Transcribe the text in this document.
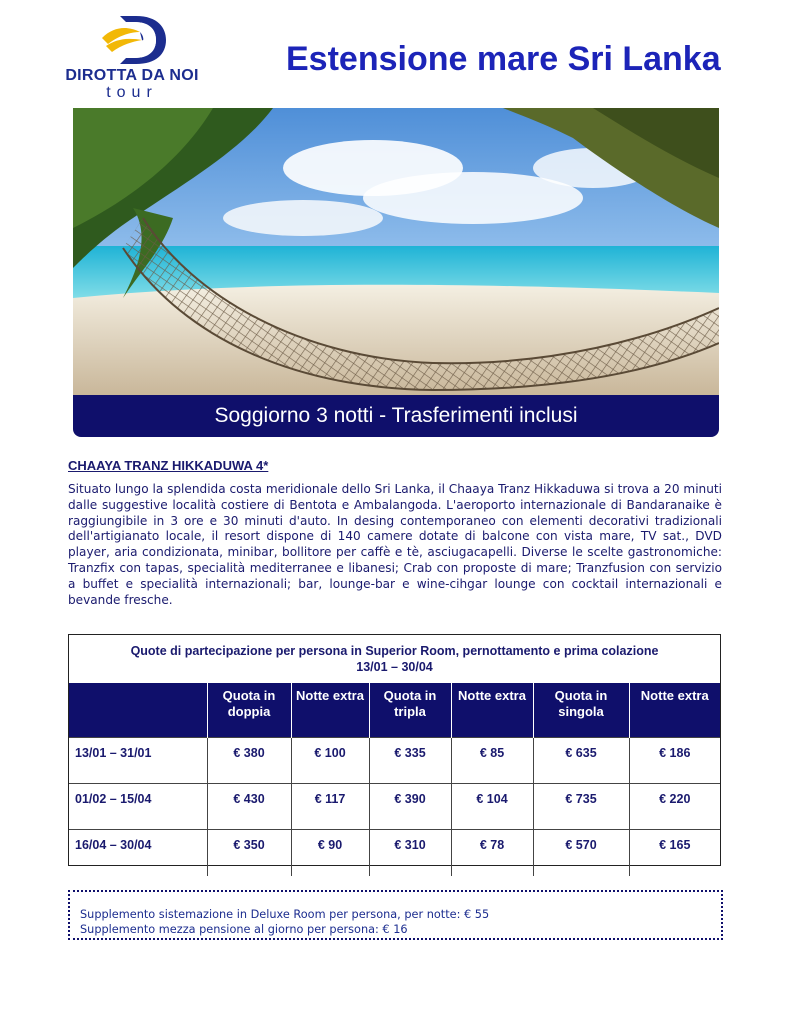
DIROTTA DA NOI
tour
Estensione mare Sri Lanka
Soggiorno 3 notti - Trasferimenti inclusi
CHAAYA TRANZ HIKKADUWA 4*

Situato lungo la splendida costa meridionale dello Sri Lanka, il Chaaya Tranz Hikkaduwa si trova a 20 minuti dalle suggestive località costiere di Bentota e Ambalangoda. L'aeroporto internazionale di Bandaranaike è raggiungibile in 3 ore e 30 minuti d'auto. In desing contemporaneo con elementi decorativi tradizionali dell'artigianato locale, il resort dispone di 140 camere dotate di balcone con vista mare, TV sat., DVD player, aria condizionata, minibar, bollitore per caffè e tè, asciugacapelli. Diverse le scelte gastronomiche: Tranzfix con tapas, specialità mediterranee e libanesi; Crab con proposte di mare; Tranzfusion con servizio a buffet e specialità internazionali; bar, lounge-bar e wine-cihgar lounge con cocktail internazionali e bevande fresche.

Quote di partecipazione per persona in Superior Room, pernottamento e prima colazione
13/01 – 30/04
	Quota in doppia	Notte extra	Quota in tripla	Notte extra	Quota in singola	Notte extra
13/01 – 31/01	€ 380	€ 100	€ 335	€ 85	€ 635	€ 186
01/02 – 15/04	€ 430	€ 117	€ 390	€ 104	€ 735	€ 220
16/04 – 30/04	€ 350	€ 90	€ 310	€ 78	€ 570	€ 165
Supplemento sistemazione in Deluxe Room per persona, per notte: € 55
Supplemento mezza pensione al giorno per persona: € 16
